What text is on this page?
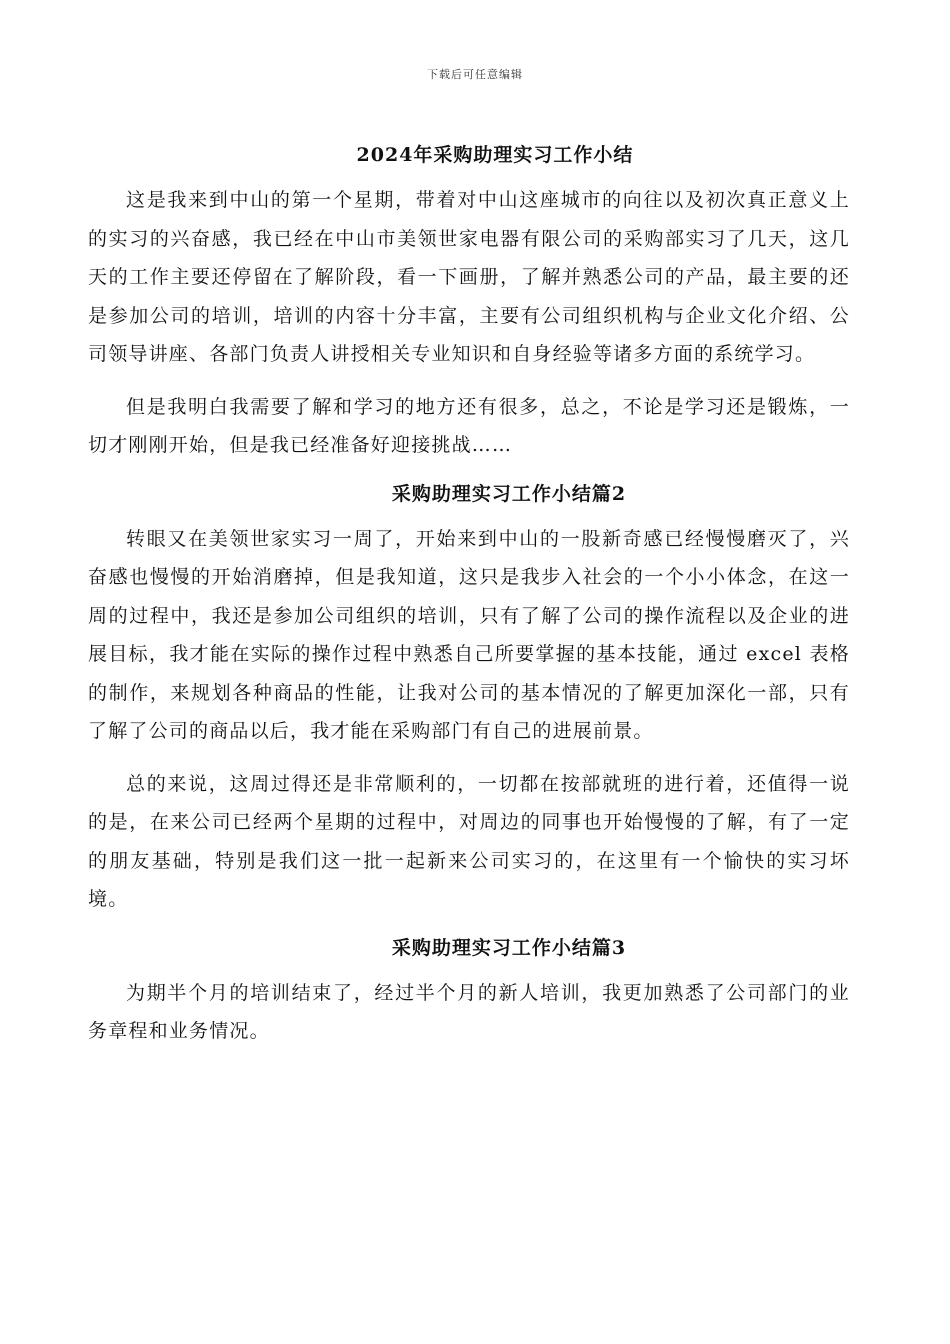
下载后可任意编辑
2024年采购助理实习工作小结

这是我来到中山的第一个星期，带着对中山这座城市的向往以及初次真正意义上的实习的兴奋感，我已经在中山市美领世家电器有限公司的采购部实习了几天，这几天的工作主要还停留在了解阶段，看一下画册，了解并熟悉公司的产品，最主要的还是参加公司的培训，培训的内容十分丰富，主要有公司组织机构与企业文化介绍、公司领导讲座、各部门负责人讲授相关专业知识和自身经验等诸多方面的系统学习。

但是我明白我需要了解和学习的地方还有很多，总之，不论是学习还是锻炼，一切才刚刚开始，但是我已经准备好迎接挑战……

采购助理实习工作小结篇2

转眼又在美领世家实习一周了，开始来到中山的一股新奇感已经慢慢磨灭了，兴奋感也慢慢的开始消磨掉，但是我知道，这只是我步入社会的一个小小体念，在这一周的过程中，我还是参加公司组织的培训，只有了解了公司的操作流程以及企业的进展目标，我才能在实际的操作过程中熟悉自己所要掌握的基本技能，通过 excel 表格的制作，来规划各种商品的性能，让我对公司的基本情况的了解更加深化一部，只有了解了公司的商品以后，我才能在采购部门有自己的进展前景。

总的来说，这周过得还是非常顺利的，一切都在按部就班的进行着，还值得一说的是，在来公司已经两个星期的过程中，对周边的同事也开始慢慢的了解，有了一定的朋友基础，特别是我们这一批一起新来公司实习的，在这里有一个愉快的实习坏境。

采购助理实习工作小结篇3

为期半个月的培训结束了，经过半个月的新人培训，我更加熟悉了公司部门的业务章程和业务情况。
